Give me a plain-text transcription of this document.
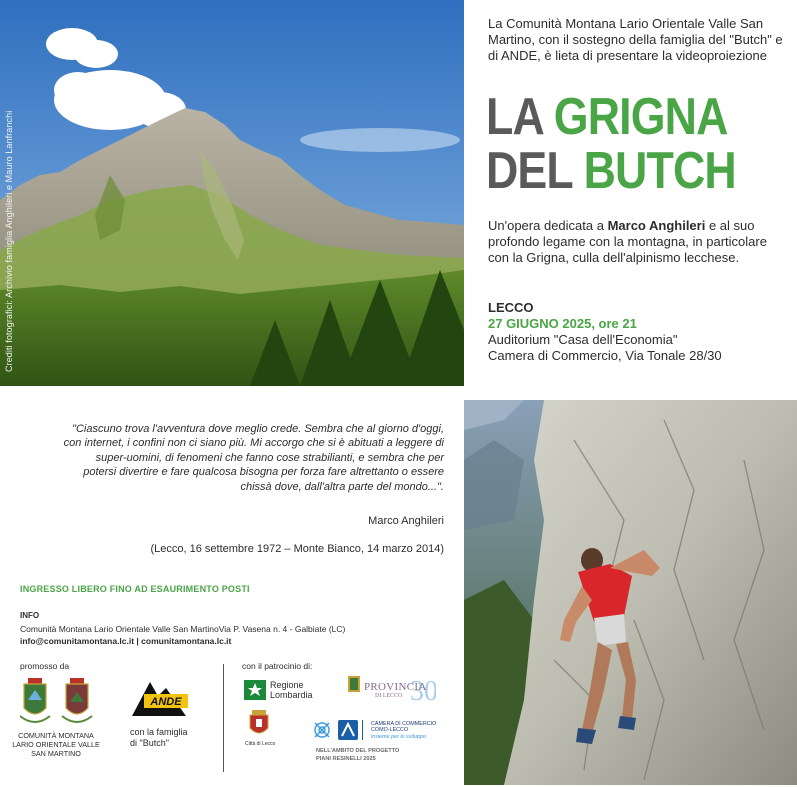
Crediti fotografici: Archivio famiglia Anghileri e Mauro Lanfranchi
La Comunità Montana Lario Orientale Valle San Martino, con il sostegno della famiglia del "Butch" e di ANDE, è lieta di presentare la videoproiezione
LA GRIGNA
DEL BUTCH
Un'opera dedicata a Marco Anghileri e al suo profondo legame con la montagna, in particolare con la Grigna, culla dell'alpinismo lecchese.
LECCO
27 GIUGNO 2025, ore 21
Auditorium "Casa dell'Economia"
Camera di Commercio, Via Tonale 28/30
"Ciascuno trova l'avventura dove meglio crede. Sembra che al giorno d'oggi, con internet, i confini non ci siano più. Mi accorgo che si è abituati a leggere di super-uomini, di fenomeni che fanno cose strabilianti, e sembra che per potersi divertire e fare qualcosa bisogna per forza fare altrettanto o essere chissà dove, dall'altra parte del mondo...".
Marco Anghileri
(Lecco, 16 settembre 1972 – Monte Bianco, 14 marzo 2014)
INGRESSO LIBERO FINO AD ESAURIMENTO POSTI
INFO
Comunità Montana Lario Orientale Valle San MartinoVia P. Vasena n. 4 - Galbiate (LC)
info@comunitamontana.lc.it | comunitamontana.lc.it
promosso da
COMUNITÀ MONTANA LARIO ORIENTALE VALLE SAN MARTINO
ANDE
con la famiglia
di "Butch"
con il patrocinio di:
Regione
Lombardia	30
PROVINCIA
DI LECCO
Città di Lecco
CAMERA DI COMMERCIO
COMO-LECCO
insieme per lo sviluppo
NELL'AMBITO DEL PROGETTO
PIANI RESINELLI 2025
